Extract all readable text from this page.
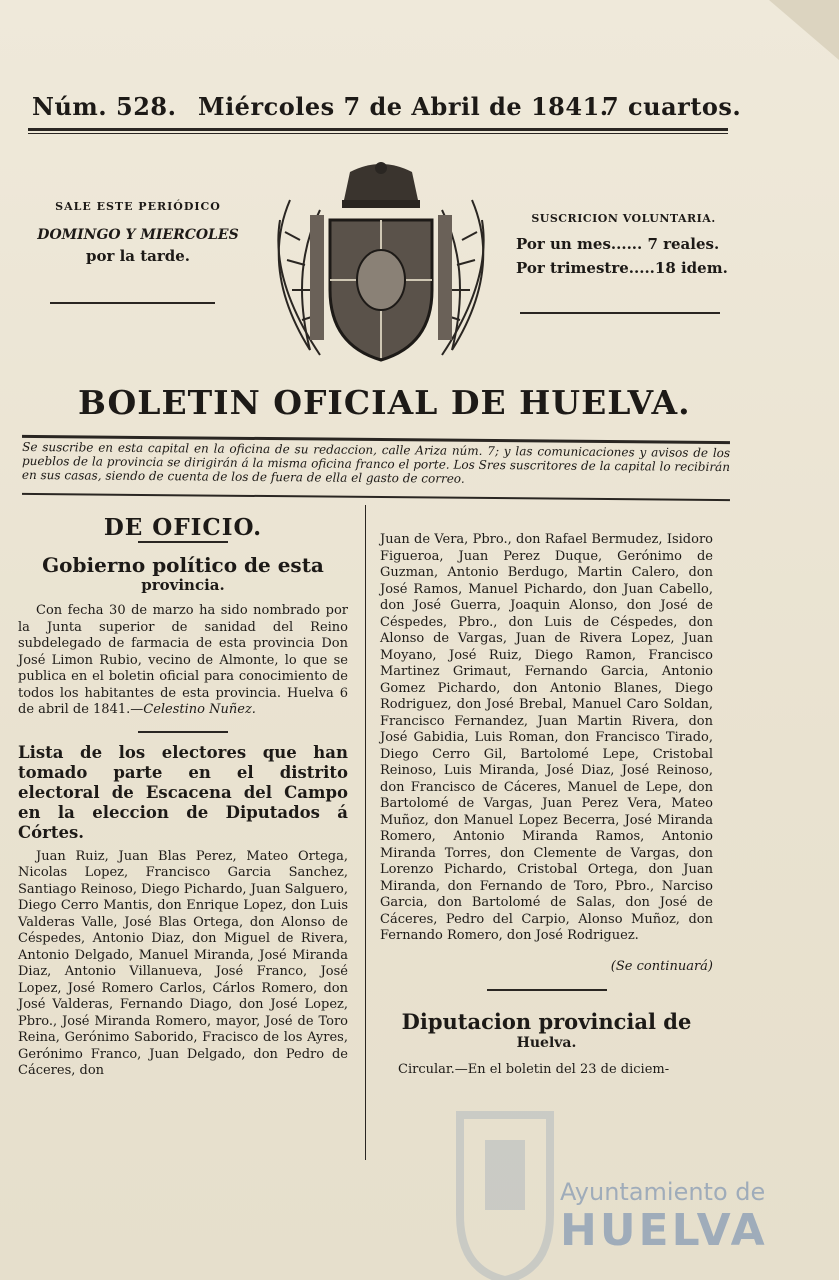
Núm. 528. Miércoles 7 de Abril de 1841.
7 cuartos.
SALE ESTE PERIÓDICO
DOMINGO Y MIERCOLES
por la tarde.
SUSCRICION VOLUNTARIA.
Por un mes...... 7 reales.
Por trimestre.....18 idem.
BOLETIN OFICIAL DE HUELVA.
Se suscribe en esta capital en la oficina de su redaccion, calle Ariza núm. 7; y las comunicaciones y avisos de los pueblos de la provincia se dirigirán á la misma oficina franco el porte. Los Sres suscritores de la capital lo recibirán en sus casas, siendo de cuenta de los de fuera de ella el gasto de correo.
DE OFICIO.
Gobierno político de esta
provincia.

Con fecha 30 de marzo ha sido nombrado por la Junta superior de sanidad del Reino subdelegado de farmacia de esta provincia Don José Limon Rubio, vecino de Almonte, lo que se publica en el boletin oficial para conocimiento de todos los habitantes de esta provincia. Huelva 6 de abril de 1841.—Celestino Nuñez.

Lista de los electores que han tomado parte en el distrito electoral de Escacena del Campo en la eleccion de Diputados á Córtes.

Juan Ruiz, Juan Blas Perez, Mateo Ortega, Nicolas Lopez, Francisco Garcia Sanchez, Santiago Reinoso, Diego Pichardo, Juan Salguero, Diego Cerro Mantis, don Enrique Lopez, don Luis Valderas Valle, José Blas Ortega, don Alonso de Céspedes, Antonio Diaz, don Miguel de Rivera, Antonio Delgado, Manuel Miranda, José Miranda Diaz, Antonio Villanueva, José Franco, José Lopez, José Romero Carlos, Cárlos Romero, don José Valderas, Fernando Diago, don José Lopez, Pbro., José Miranda Romero, mayor, José de Toro Reina, Gerónimo Saborido, Fracisco de los Ayres, Gerónimo Franco, Juan Delgado, don Pedro de Cáceres, don

Juan de Vera, Pbro., don Rafael Bermudez, Isidoro Figueroa, Juan Perez Duque, Gerónimo de Guzman, Antonio Berdugo, Martin Calero, don José Ramos, Manuel Pichardo, don Juan Cabello, don José Guerra, Joaquin Alonso, don José de Céspedes, Pbro., don Luis de Céspedes, don Alonso de Vargas, Juan de Rivera Lopez, Juan Moyano, José Ruiz, Diego Ramon, Francisco Martinez Grimaut, Fernando Garcia, Antonio Gomez Pichardo, don Antonio Blanes, Diego Rodriguez, don José Brebal, Manuel Caro Soldan, Francisco Fernandez, Juan Martin Rivera, don José Gabidia, Luis Roman, don Francisco Tirado, Diego Cerro Gil, Bartolomé Lepe, Cristobal Reinoso, Luis Miranda, José Diaz, José Reinoso, don Francisco de Cáceres, Manuel de Lepe, don Bartolomé de Vargas, Juan Perez Vera, Mateo Muñoz, don Manuel Lopez Becerra, José Miranda Romero, Antonio Miranda Ramos, Antonio Miranda Torres, don Clemente de Vargas, don Lorenzo Pichardo, Cristobal Ortega, don Juan Miranda, don Fernando de Toro, Pbro., Narciso Garcia, don Bartolomé de Salas, don José de Cáceres, Pedro del Carpio, Alonso Muñoz, don Fernando Romero, don José Rodriguez.

(Se continuará)
Diputacion provincial de
Huelva.

Circular.—En el boletin del 23 de diciem-

Ayuntamiento de
HUELVA
